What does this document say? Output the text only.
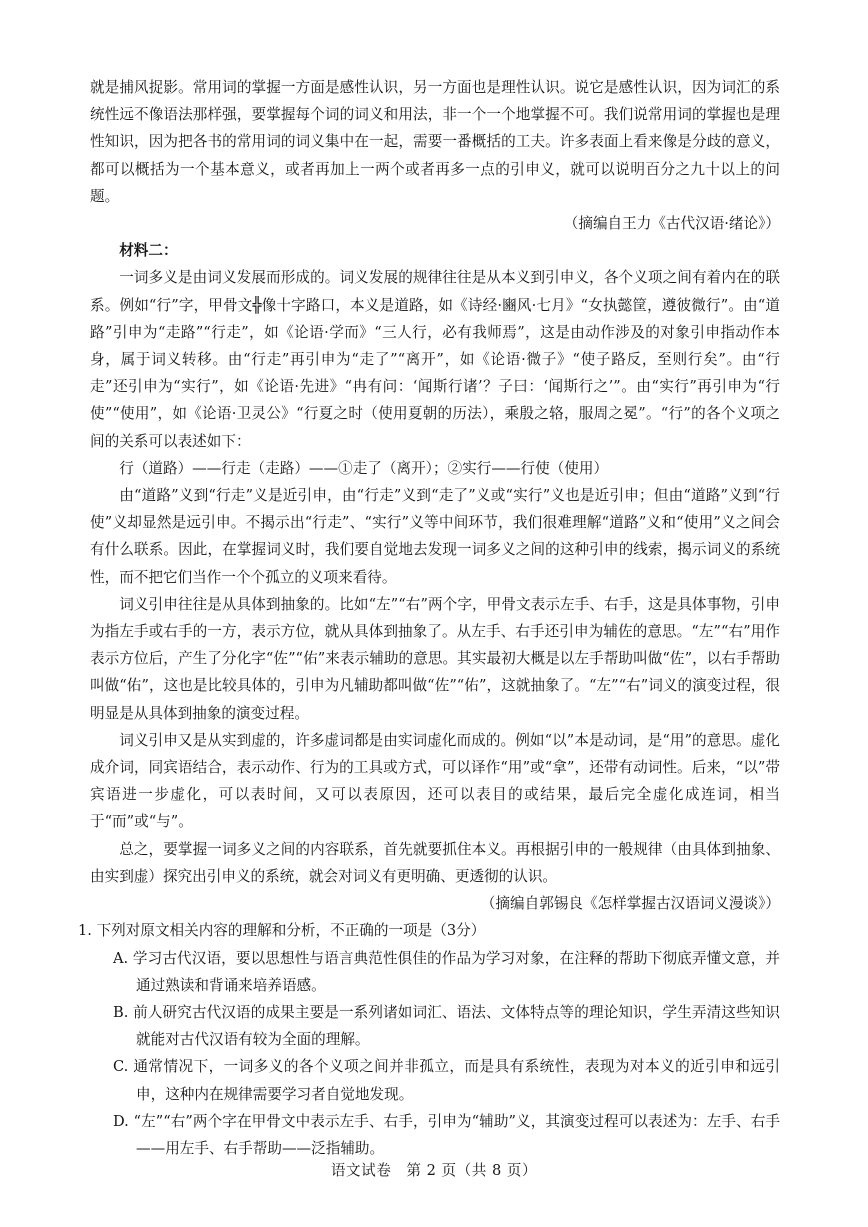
就是捕风捉影。常用词的掌握一方面是感性认识，另一方面也是理性认识。说它是感性认识，因为词汇的系统性远不像语法那样强，要掌握每个词的词义和用法，非一个一个地掌握不可。我们说常用词的掌握也是理性知识，因为把各书的常用词的词义集中在一起，需要一番概括的工夫。许多表面上看来像是分歧的意义，都可以概括为一个基本意义，或者再加上一两个或者再多一点的引申义，就可以说明百分之九十以上的问题。

（摘编自王力《古代汉语·绪论》）

材料二：

一词多义是由词义发展而形成的。词义发展的规律往往是从本义到引申义，各个义项之间有着内在的联系。例如“行”字，甲骨文╬像十字路口，本义是道路，如《诗经·豳风·七月》“女执懿筐，遵彼微行”。由“道路”引申为“走路”“行走”，如《论语·学而》“三人行，必有我师焉”，这是由动作涉及的对象引申指动作本身，属于词义转移。由“行走”再引申为“走了”“离开”，如《论语·微子》“使子路反，至则行矣”。由“行走”还引申为“实行”，如《论语·先进》“冉有问：‘闻斯行诸’？子曰：‘闻斯行之’”。由“实行”再引申为“行使”“使用”，如《论语·卫灵公》“行夏之时（使用夏朝的历法），乘殷之辂，服周之冕”。“行”的各个义项之间的关系可以表述如下：

行（道路）——行走（走路）——①走了（离开）；②实行——行使（使用）

由“道路”义到“行走”义是近引申，由“行走”义到“走了”义或“实行”义也是近引申；但由“道路”义到“行使”义却显然是远引申。不揭示出“行走”、“实行”义等中间环节，我们很难理解“道路”义和“使用”义之间会有什么联系。因此，在掌握词义时，我们要自觉地去发现一词多义之间的这种引申的线索，揭示词义的系统性，而不把它们当作一个个孤立的义项来看待。

词义引申往往是从具体到抽象的。比如“左”“右”两个字，甲骨文表示左手、右手，这是具体事物，引申为指左手或右手的一方，表示方位，就从具体到抽象了。从左手、右手还引申为辅佐的意思。“左”“右”用作表示方位后，产生了分化字“佐”“佑”来表示辅助的意思。其实最初大概是以左手帮助叫做“佐”，以右手帮助叫做“佑”，这也是比较具体的，引申为凡辅助都叫做“佐”“佑”，这就抽象了。“左”“右”词义的演变过程，很明显是从具体到抽象的演变过程。

词义引申又是从实到虚的，许多虚词都是由实词虚化而成的。例如“以”本是动词，是“用”的意思。虚化成介词，同宾语结合，表示动作、行为的工具或方式，可以译作“用”或“拿”，还带有动词性。后来，“以”带宾语进一步虚化，可以表时间，又可以表原因，还可以表目的或结果，最后完全虚化成连词，相当于“而”或“与”。

总之，要掌握一词多义之间的内容联系，首先就要抓住本义。再根据引申的一般规律（由具体到抽象、由实到虚）探究出引申义的系统，就会对词义有更明确、更透彻的认识。

（摘编自郭锡良《怎样掌握古汉语词义漫谈》）

1. 下列对原文相关内容的理解和分析，不正确的一项是（3分）

A. 学习古代汉语，要以思想性与语言典范性俱佳的作品为学习对象，在注释的帮助下彻底弄懂文意，并通过熟读和背诵来培养语感。

B. 前人研究古代汉语的成果主要是一系列诸如词汇、语法、文体特点等的理论知识，学生弄清这些知识就能对古代汉语有较为全面的理解。

C. 通常情况下，一词多义的各个义项之间并非孤立，而是具有系统性，表现为对本义的近引申和远引申，这种内在规律需要学习者自觉地发现。

D. “左”“右”两个字在甲骨文中表示左手、右手，引申为“辅助”义，其演变过程可以表述为：左手、右手——用左手、右手帮助——泛指辅助。

语文试卷　第 2 页（共 8 页）
